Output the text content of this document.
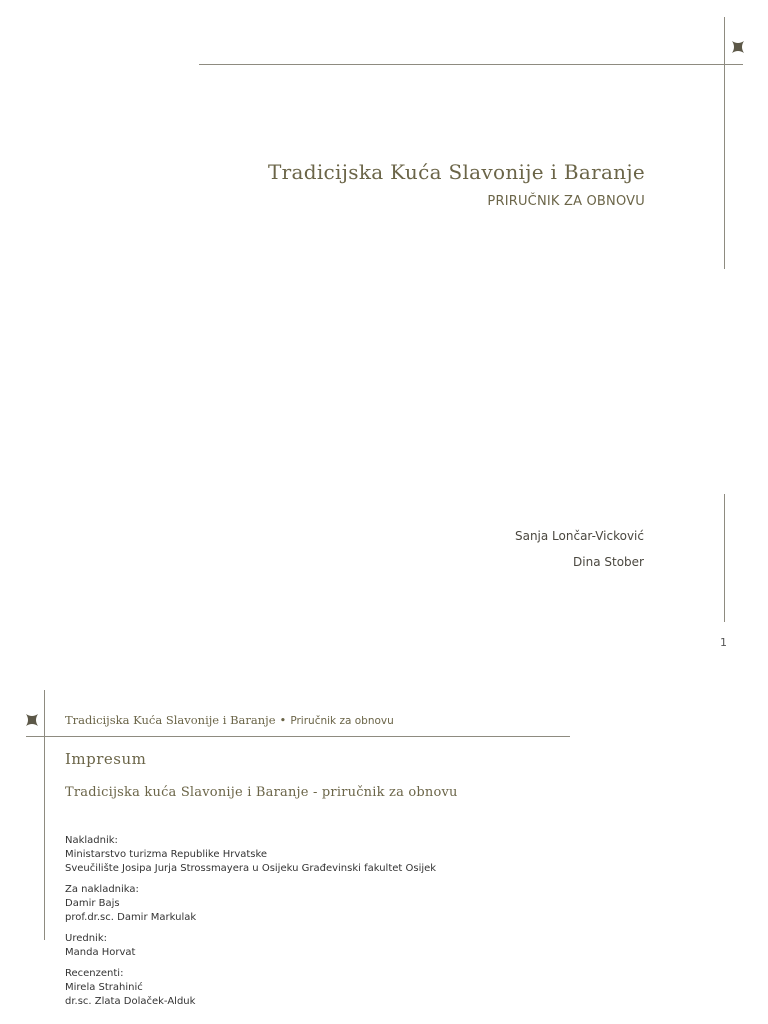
Tradicijska Kuća Slavonije i Baranje
PRIRUČNIK ZA OBNOVU
Sanja Lončar-Vicković
Dina Stober
1
Tradicijska Kuća Slavonije i Baranje • Priručnik za obnovu
Impresum
Tradicijska kuća Slavonije i Baranje - priručnik za obnovu
Nakladnik:
Ministarstvo turizma Republike Hrvatske
Sveučilište Josipa Jurja Strossmayera u Osijeku Građevinski fakultet Osijek
Za nakladnika:
Damir Bajs
prof.dr.sc. Damir Markulak
Urednik:
Manda Horvat
Recenzenti:
Mirela Strahinić
dr.sc. Zlata Dolaček-Alduk
